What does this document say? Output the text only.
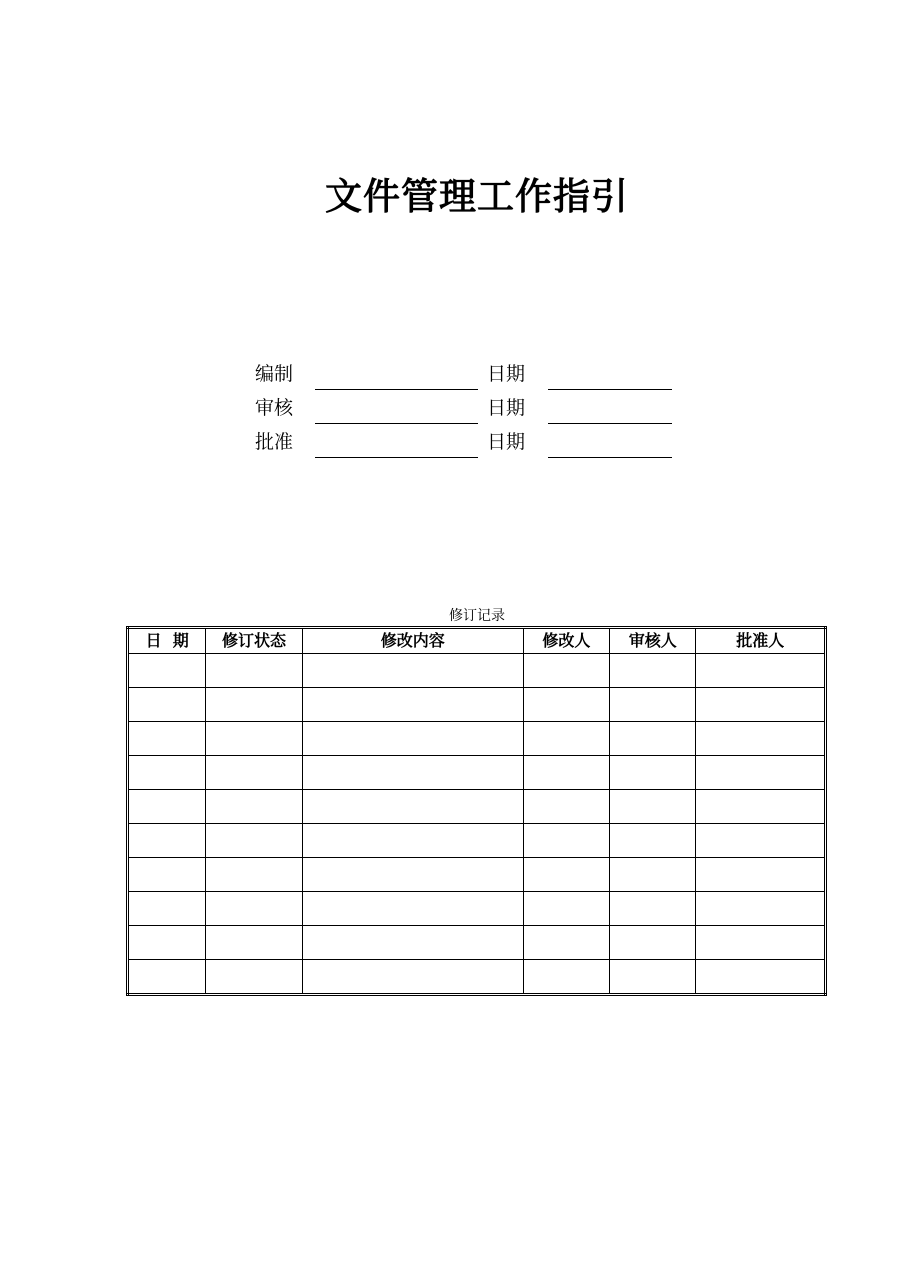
文件管理工作指引
编制	日期
审核	日期
批准	日期
修订记录
日  期	修订状态	修改内容	修改人	审核人	批准人
